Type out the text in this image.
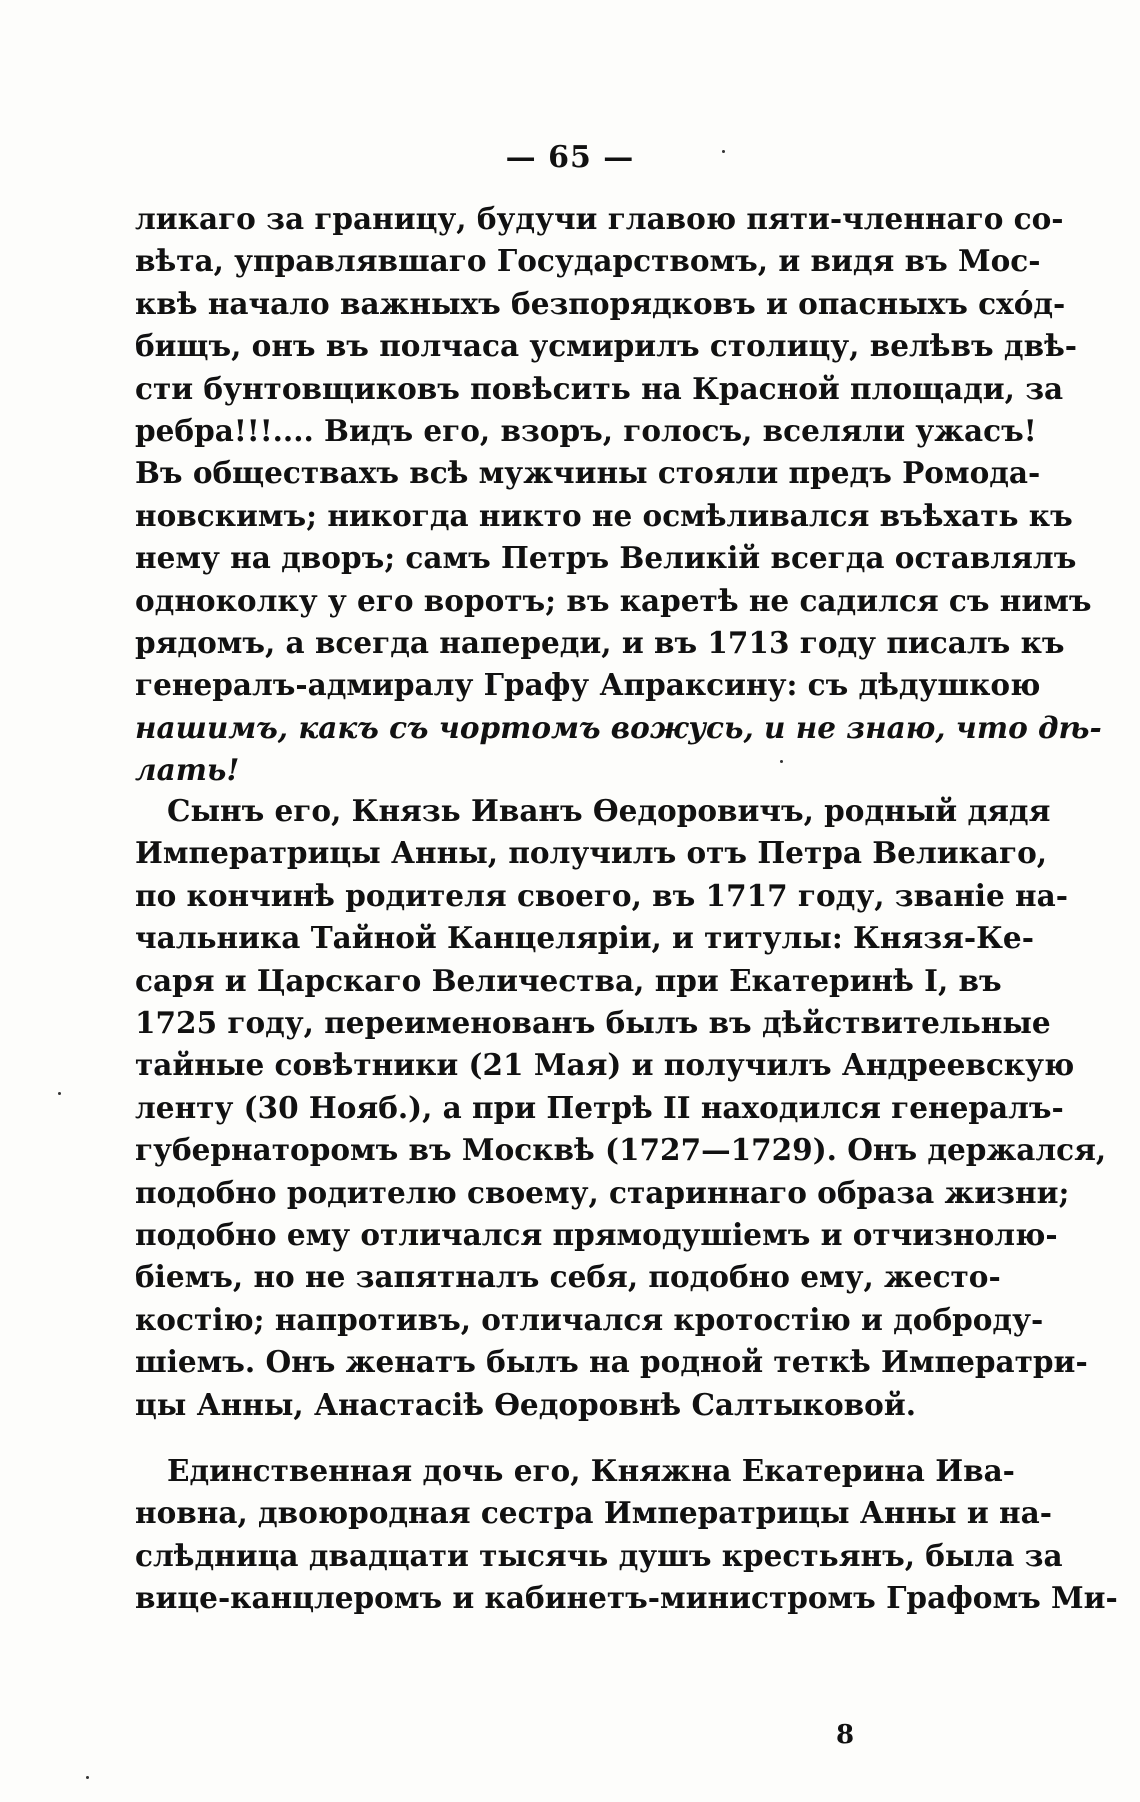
— 65 —
ликаго за границу, будучи главою пяти-членнаго со-
вѣта, управлявшаго Государствомъ, и видя въ Мос-
квѣ начало важныхъ безпорядковъ и опасныхъ схо́д-
бищъ, онъ въ полчаса усмирилъ столицу, велѣвъ двѣ-
сти бунтовщиковъ повѣсить на Красной площади, за
ребра!!!.... Видъ его, взоръ, голосъ, вселяли ужасъ!
Въ обществахъ всѣ мужчины стояли предъ Ромода-
новскимъ; никогда никто не осмѣливался въѣхать къ
нему на дворъ; самъ Петръ Великій всегда оставлялъ
одноколку у его воротъ; въ каретѣ не садился съ нимъ
рядомъ, а всегда напереди, и въ 1713 году писалъ къ
генералъ-адмиралу Графу Апраксину: съ дѣдушкою
нашимъ, какъ съ чортомъ вожусь, и не знаю, что дѣ-
лать!
Сынъ его, Князь Иванъ Ѳедоровичъ, родный дядя
Императрицы Анны, получилъ отъ Петра Великаго,
по кончинѣ родителя своего, въ 1717 году, званіе на-
чальника Тайной Канцеляріи, и титулы: Князя-Ке-
саря и Царскаго Величества, при Екатеринѣ I, въ
1725 году, переименованъ былъ въ дѣйствительные
тайные совѣтники (21 Мая) и получилъ Андреевскую
ленту (30 Нояб.), а при Петрѣ II находился генералъ-
губернаторомъ въ Москвѣ (1727—1729). Онъ держался,
подобно родителю своему, стариннаго образа жизни;
подобно ему отличался прямодушіемъ и отчизнолю-
біемъ, но не запятналъ себя, подобно ему, жесто-
костію; напротивъ, отличался кротостію и доброду-
шіемъ. Онъ женатъ былъ на родной теткѣ Императри-
цы Анны, Анастасіѣ Ѳедоровнѣ Салтыковой.
Единственная дочь его, Княжна Екатерина Ива-
новна, двоюродная сестра Императрицы Анны и на-
слѣдница двадцати тысячь душъ крестьянъ, была за
вице-канцлеромъ и кабинетъ-министромъ Графомъ Ми-
8
